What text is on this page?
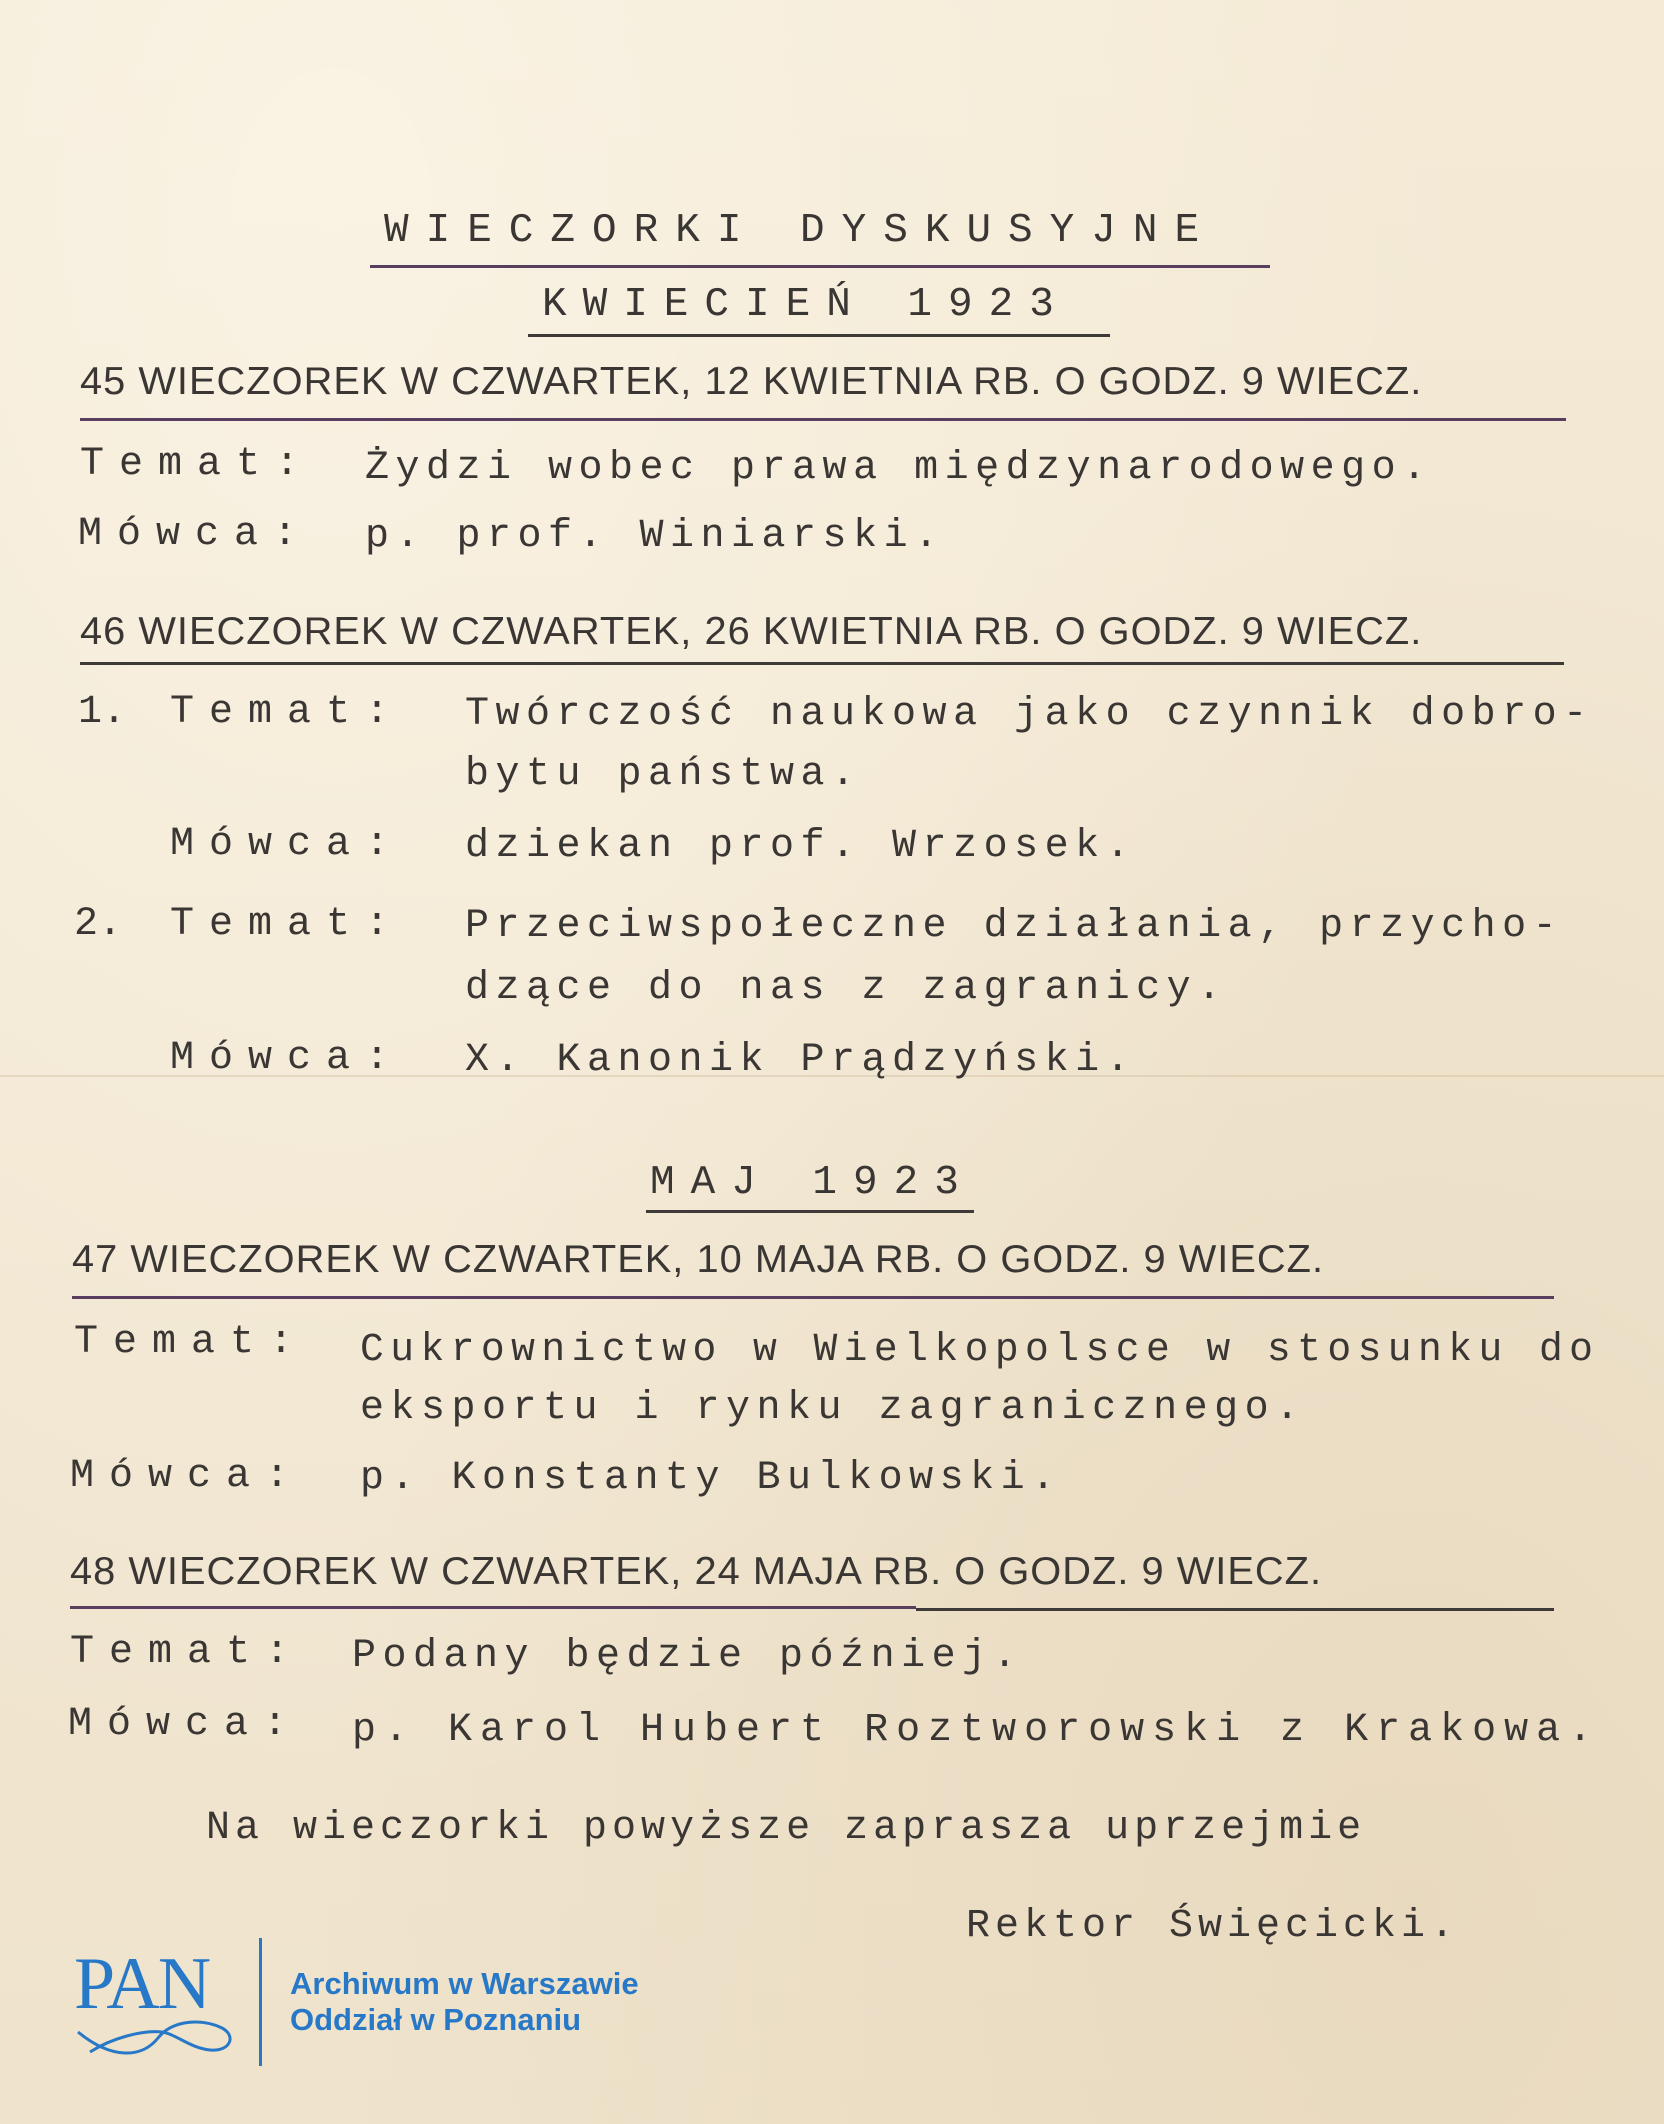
WIECZORKI DYSKUSYJNE
KWIECIEŃ 1923
45 WIECZOREK W CZWARTEK, 12 KWIETNIA RB. O GODZ. 9 WIECZ.
Temat: Żydzi wobec prawa międzynarodowego.
Mówca: p. prof. Winiarski.
46 WIECZOREK W CZWARTEK, 26 KWIETNIA RB. O GODZ. 9 WIECZ.
1. Temat: Twórczość naukowa jako czynnik dobro-
bytu państwa.
Mówca: dziekan prof. Wrzosek.
2. Temat: Przeciwspołeczne działania, przycho-
dzące do nas z zagranicy.
Mówca: X. Kanonik Prądzyński.
MAJ 1923
47 WIECZOREK W CZWARTEK, 10 MAJA RB. O GODZ. 9 WIECZ.
Temat: Cukrownictwo w Wielkopolsce w stosunku do
eksportu i rynku zagranicznego.
Mówca: p. Konstanty Bulkowski.
48 WIECZOREK W CZWARTEK, 24 MAJA RB. O GODZ. 9 WIECZ.
Temat: Podany będzie później.
Mówca: p. Karol Hubert Roztworowski z Krakowa.
Na wieczorki powyższe zaprasza uprzejmie
Rektor Święcicki.
PAN	Archiwum w Warszawie
Oddział w Poznaniu
